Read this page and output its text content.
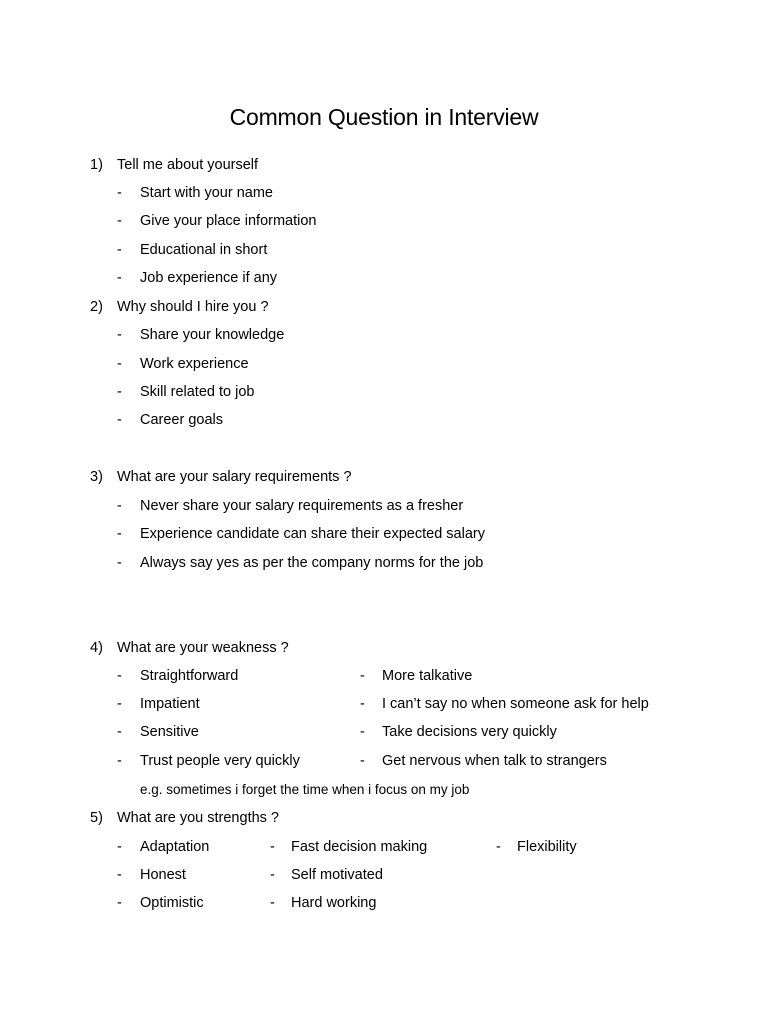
Common Question in Interview
1) Tell me about yourself
- Start with your name
- Give your place information
- Educational in short
- Job experience if any
2) Why should I hire you ?
- Share your knowledge
- Work experience
- Skill related to job
- Career goals
3) What are your salary requirements ?
- Never share your salary requirements as a fresher
- Experience candidate can share their expected salary
- Always say yes as per the company norms for the job
4) What are your weakness ?
- Straightforward	- More talkative
- Impatient	- I can’t say no when someone ask for help
- Sensitive	- Take decisions very quickly
- Trust people very quickly	- Get nervous when talk to strangers
e.g. sometimes i forget the time when i focus on my job
5) What are you strengths ?
- Adaptation	- Fast decision making	- Flexibility
- Honest	- Self motivated
- Optimistic	- Hard working
